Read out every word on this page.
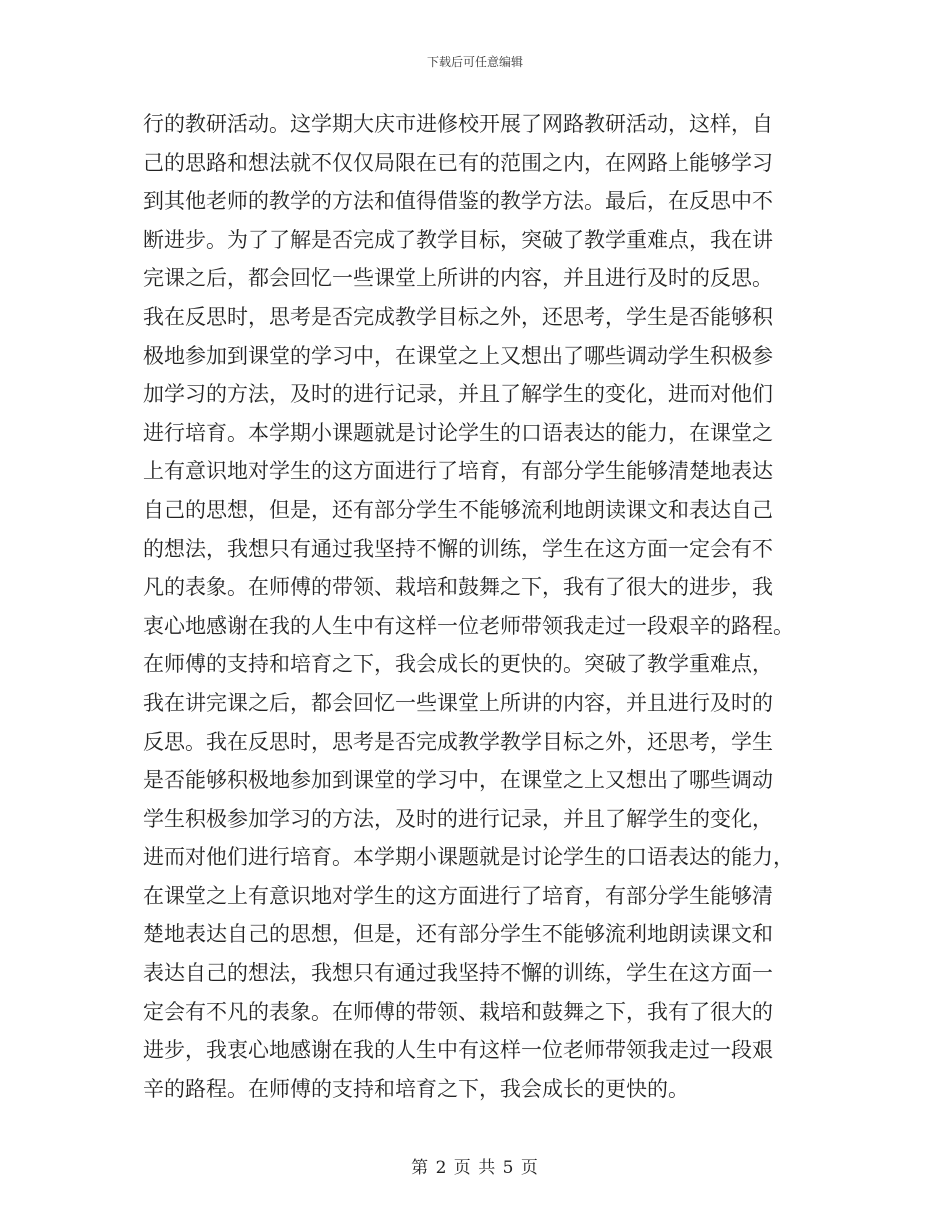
下载后可任意编辑
行的教研活动。这学期大庆市进修校开展了网路教研活动，这样，自
己的思路和想法就不仅仅局限在已有的范围之内，在网路上能够学习
到其他老师的教学的方法和值得借鉴的教学方法。最后，在反思中不
断进步。为了了解是否完成了教学目标，突破了教学重难点，我在讲
完课之后，都会回忆一些课堂上所讲的内容，并且进行及时的反思。
我在反思时，思考是否完成教学目标之外，还思考，学生是否能够积
极地参加到课堂的学习中，在课堂之上又想出了哪些调动学生积极参
加学习的方法，及时的进行记录，并且了解学生的变化，进而对他们
进行培育。本学期小课题就是讨论学生的口语表达的能力，在课堂之
上有意识地对学生的这方面进行了培育，有部分学生能够清楚地表达
自己的思想，但是，还有部分学生不能够流利地朗读课文和表达自己
的想法，我想只有通过我坚持不懈的训练，学生在这方面一定会有不
凡的表象。在师傅的带领、栽培和鼓舞之下，我有了很大的进步，我
衷心地感谢在我的人生中有这样一位老师带领我走过一段艰辛的路程。
在师傅的支持和培育之下，我会成长的更快的。突破了教学重难点，
我在讲完课之后，都会回忆一些课堂上所讲的内容，并且进行及时的
反思。我在反思时，思考是否完成教学教学目标之外，还思考，学生
是否能够积极地参加到课堂的学习中，在课堂之上又想出了哪些调动
学生积极参加学习的方法，及时的进行记录，并且了解学生的变化，
进而对他们进行培育。本学期小课题就是讨论学生的口语表达的能力，
在课堂之上有意识地对学生的这方面进行了培育，有部分学生能够清
楚地表达自己的思想，但是，还有部分学生不能够流利地朗读课文和
表达自己的想法，我想只有通过我坚持不懈的训练，学生在这方面一
定会有不凡的表象。在师傅的带领、栽培和鼓舞之下，我有了很大的
进步，我衷心地感谢在我的人生中有这样一位老师带领我走过一段艰
辛的路程。在师傅的支持和培育之下，我会成长的更快的。
第 2 页 共 5 页
